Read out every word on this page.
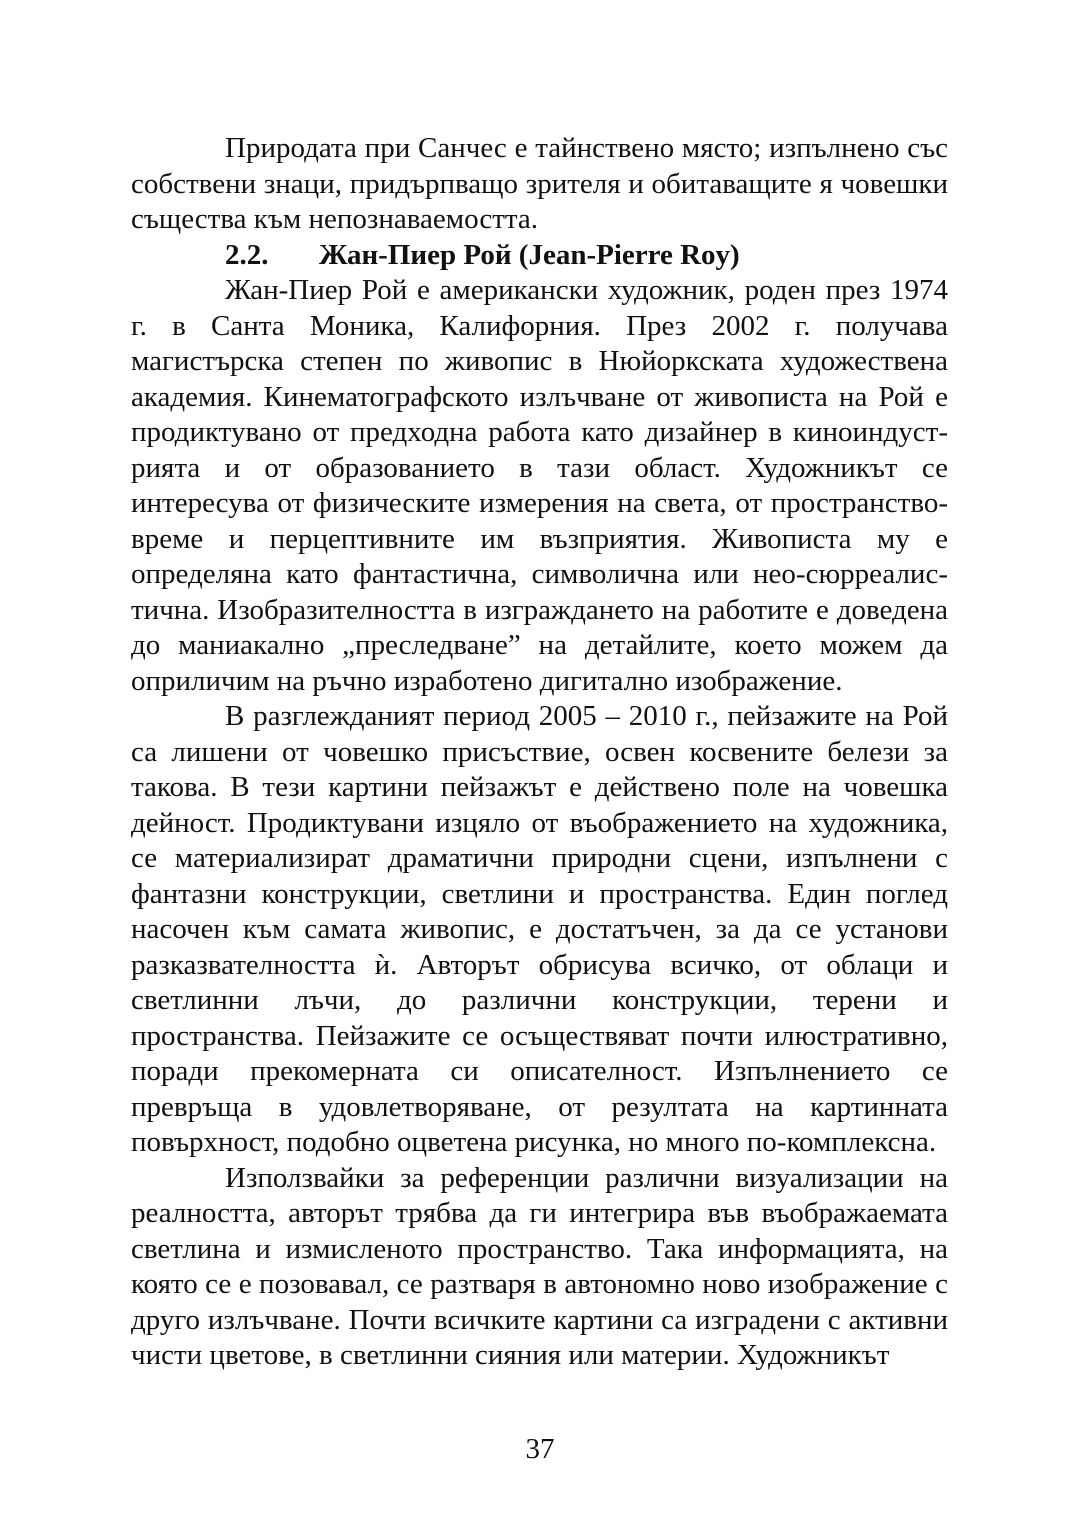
Природата при Санчес е тайнствено място; изпълнено със собствени знаци, придърпващо зрителя и обитаващите я човешки същества към непознаваемостта.

2.2. Жан-Пиер Рой (Jean-Pierre Roy)

Жан-Пиер Рой е американски художник, роден през 1974 г. в Санта Моника, Калифорния. През 2002 г. получава магистърска степен по живопис в Нюйоркската художествена академия. Кинематографското излъчване от живописта на Рой е продиктувано от предходна работа като дизайнер в киноиндустрията и от образованието в тази област. Художникът се интересува от физическите измерения на света, от пространство-време и перцептивните им възприятия. Живописта му е определяна като фантастична, символична или нео-сюрреалистична. Изобразителността в изграждането на работите е доведена до маниакално „преследване” на детайлите, което можем да оприличим на ръчно изработено дигитално изображение.

В разглежданият период 2005 – 2010 г., пейзажите на Рой са лишени от човешко присъствие, освен косвените белези за такова. В тези картини пейзажът е действено поле на човешка дейност. Продиктувани изцяло от въображението на художника, се материализират драматични природни сцени, изпълнени с фантазни конструкции, светлини и пространства. Един поглед насочен към самата живопис, е достатъчен, за да се установи разказвателността ѝ. Авторът обрисува всичко, от облаци и светлинни лъчи, до различни конструкции, терени и пространства. Пейзажите се осъществяват почти илюстративно, поради прекомерната си описателност. Изпълнението се превръща в удовлетворяване, от резултата на картинната повърхност, подобно оцветена рисунка, но много по-комплексна.

Използвайки за референции различни визуализации на реалността, авторът трябва да ги интегрира във въображаемата светлина и измисленото пространство. Така информацията, на която се е позовавал, се разтваря в автономно ново изображение с друго излъчване. Почти всичките картини са изградени с активни чисти цветове, в светлинни сияния или материи. Художникът

37
